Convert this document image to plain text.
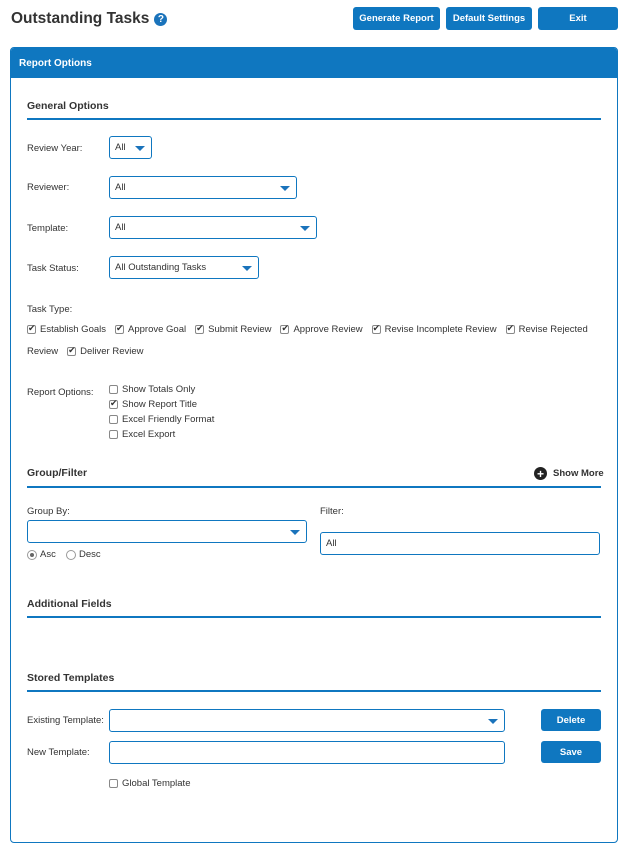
Outstanding Tasks ?	Generate Report	Default Settings	Exit
Report Options
General Options
Review Year:	All
Reviewer:	All
Template:	All
Task Status:	All Outstanding Tasks
Task Type:
✔
Establish Goals ✔ Approve Goal ✔ Submit Review ✔ Approve Review ✔ Revise Incomplete Review ✔ Revise Rejected
Review ✔ Deliver Review
Report Options:	Show Totals Only
✔
Show Report Title
Excel Friendly Format
Excel Export
Group/Filter	+ Show More
Group By:
Asc Desc
Filter:
All
Additional Fields
Stored Templates
Existing Template:	Delete
New Template:	Save
Global Template
